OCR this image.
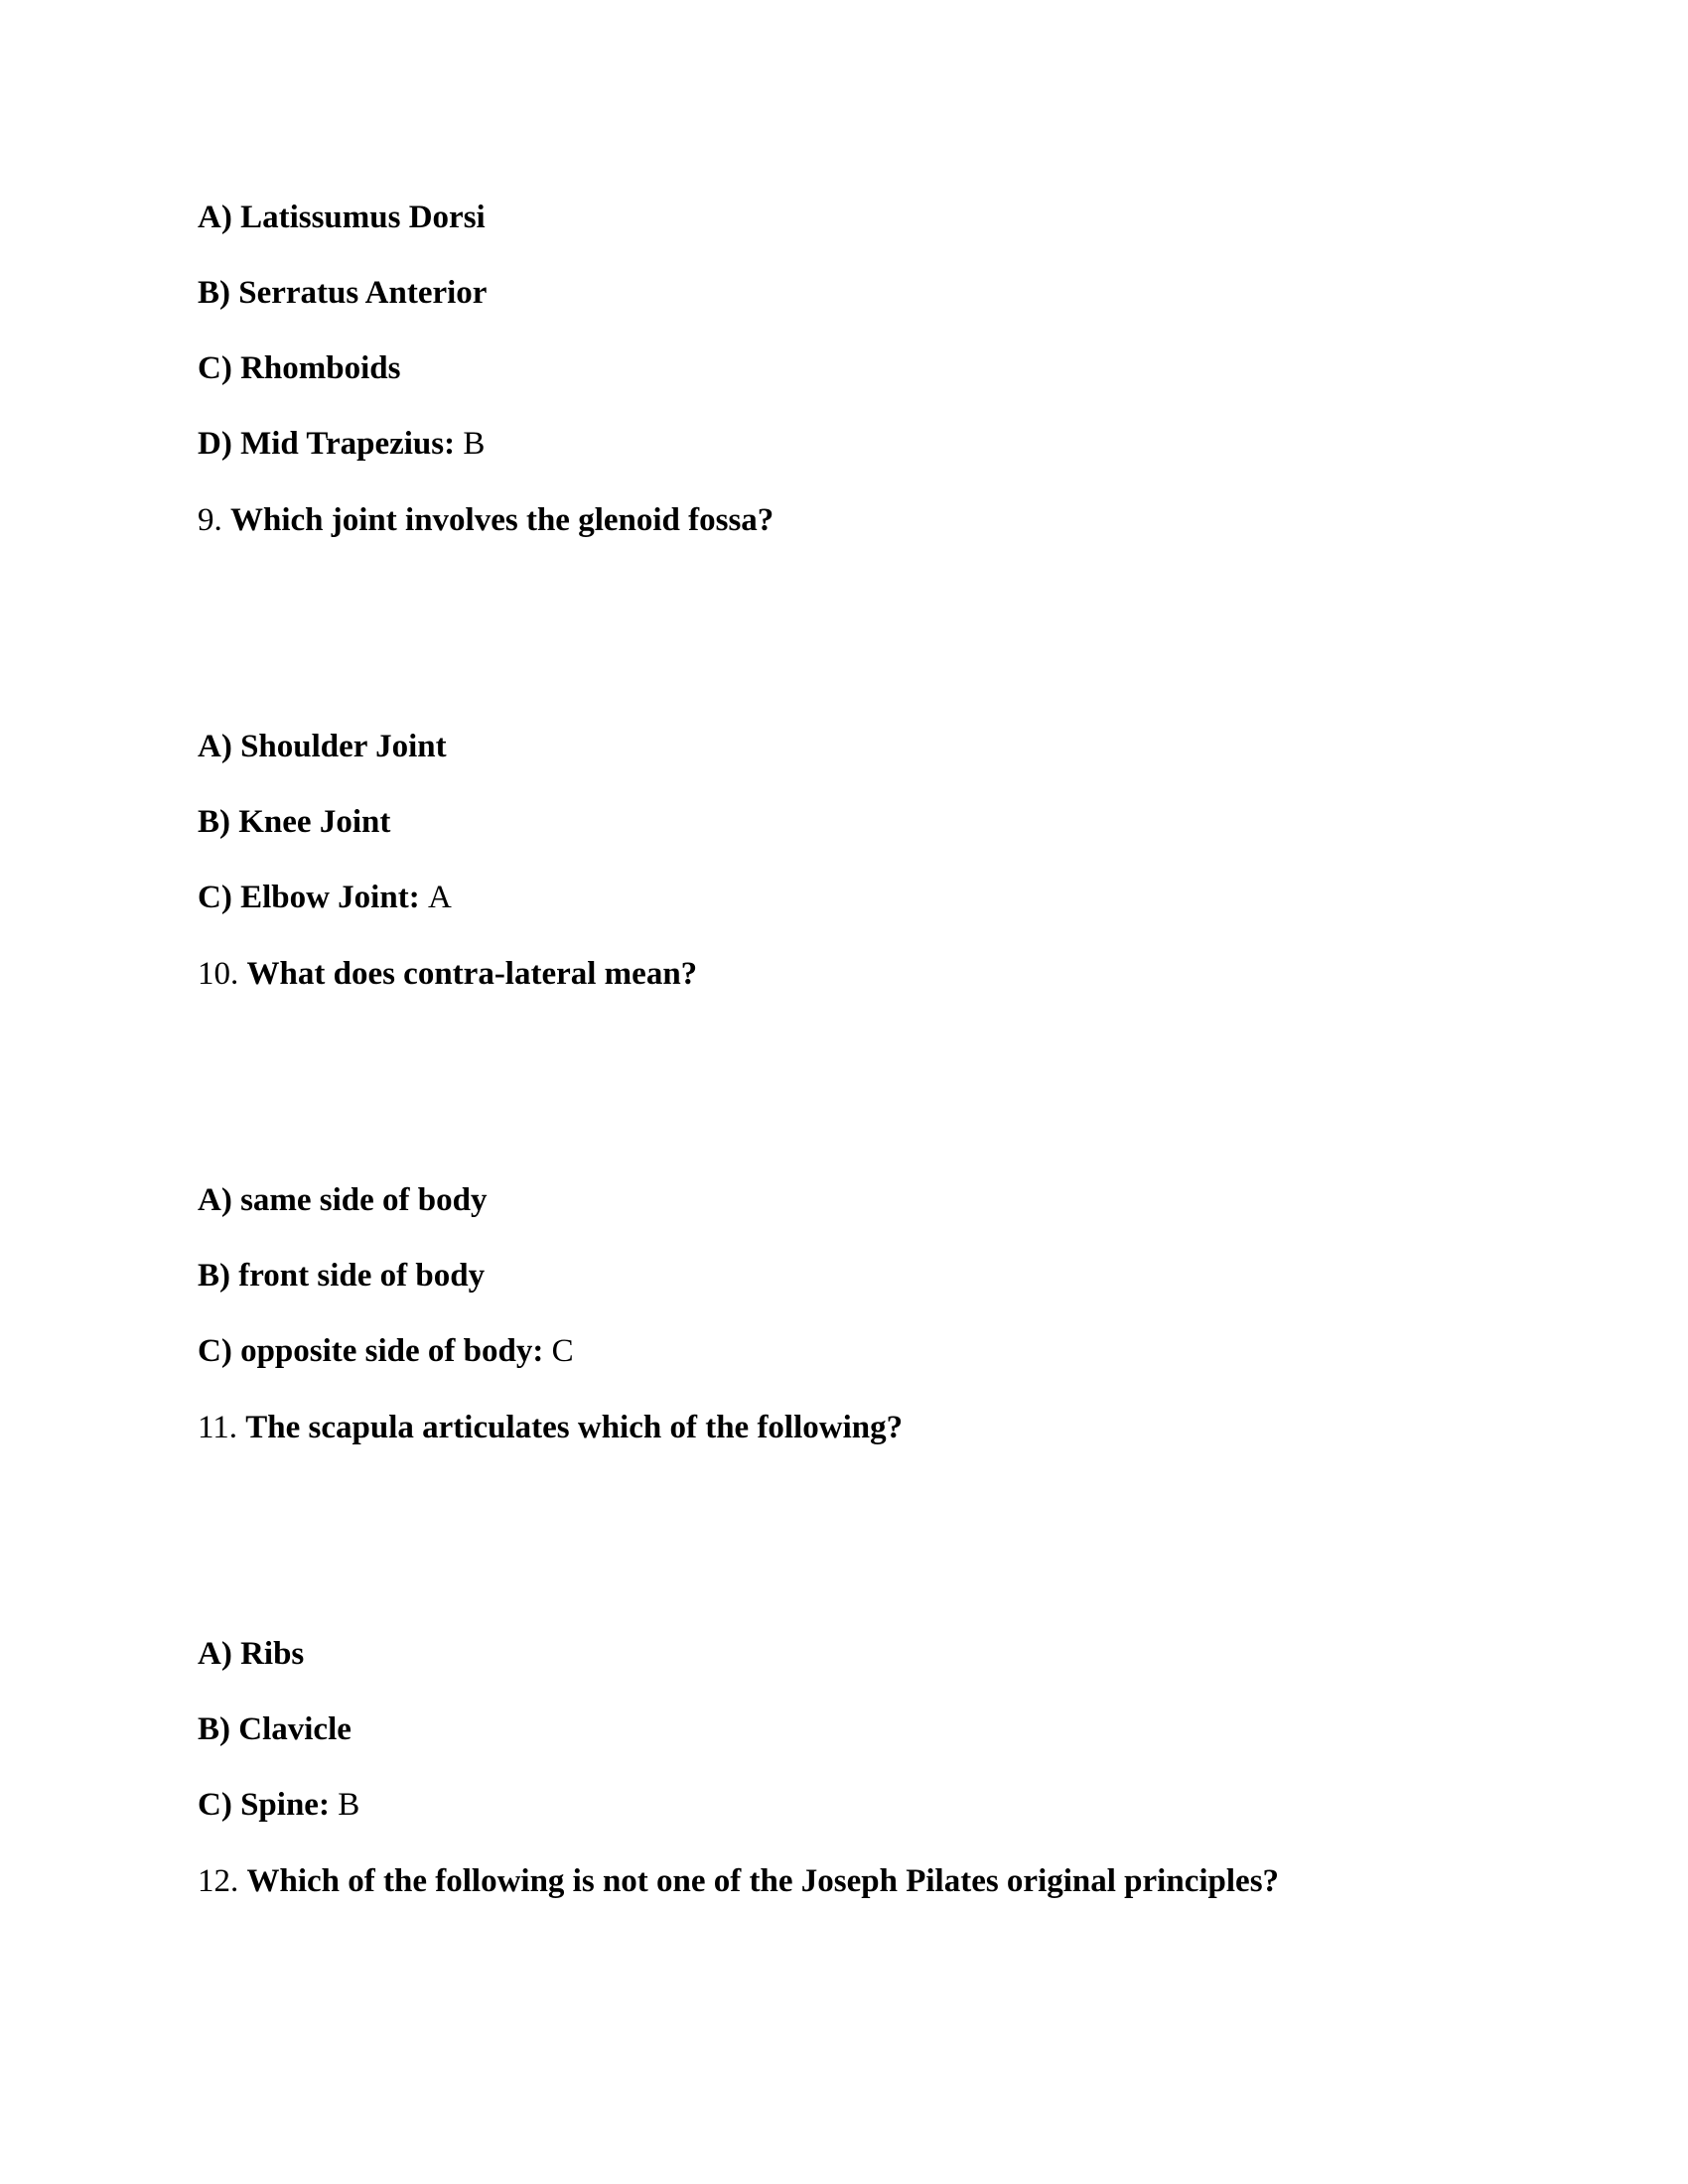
A) Latissumus Dorsi
B) Serratus Anterior
C) Rhomboids
D) Mid Trapezius: B
9. Which joint involves the glenoid fossa?
A) Shoulder Joint
B) Knee Joint
C) Elbow Joint: A
10. What does contra-lateral mean?
A) same side of body
B) front side of body
C) opposite side of body: C
11. The scapula articulates which of the following?
A) Ribs
B) Clavicle
C) Spine: B
12. Which of the following is not one of the Joseph Pilates original principles?
